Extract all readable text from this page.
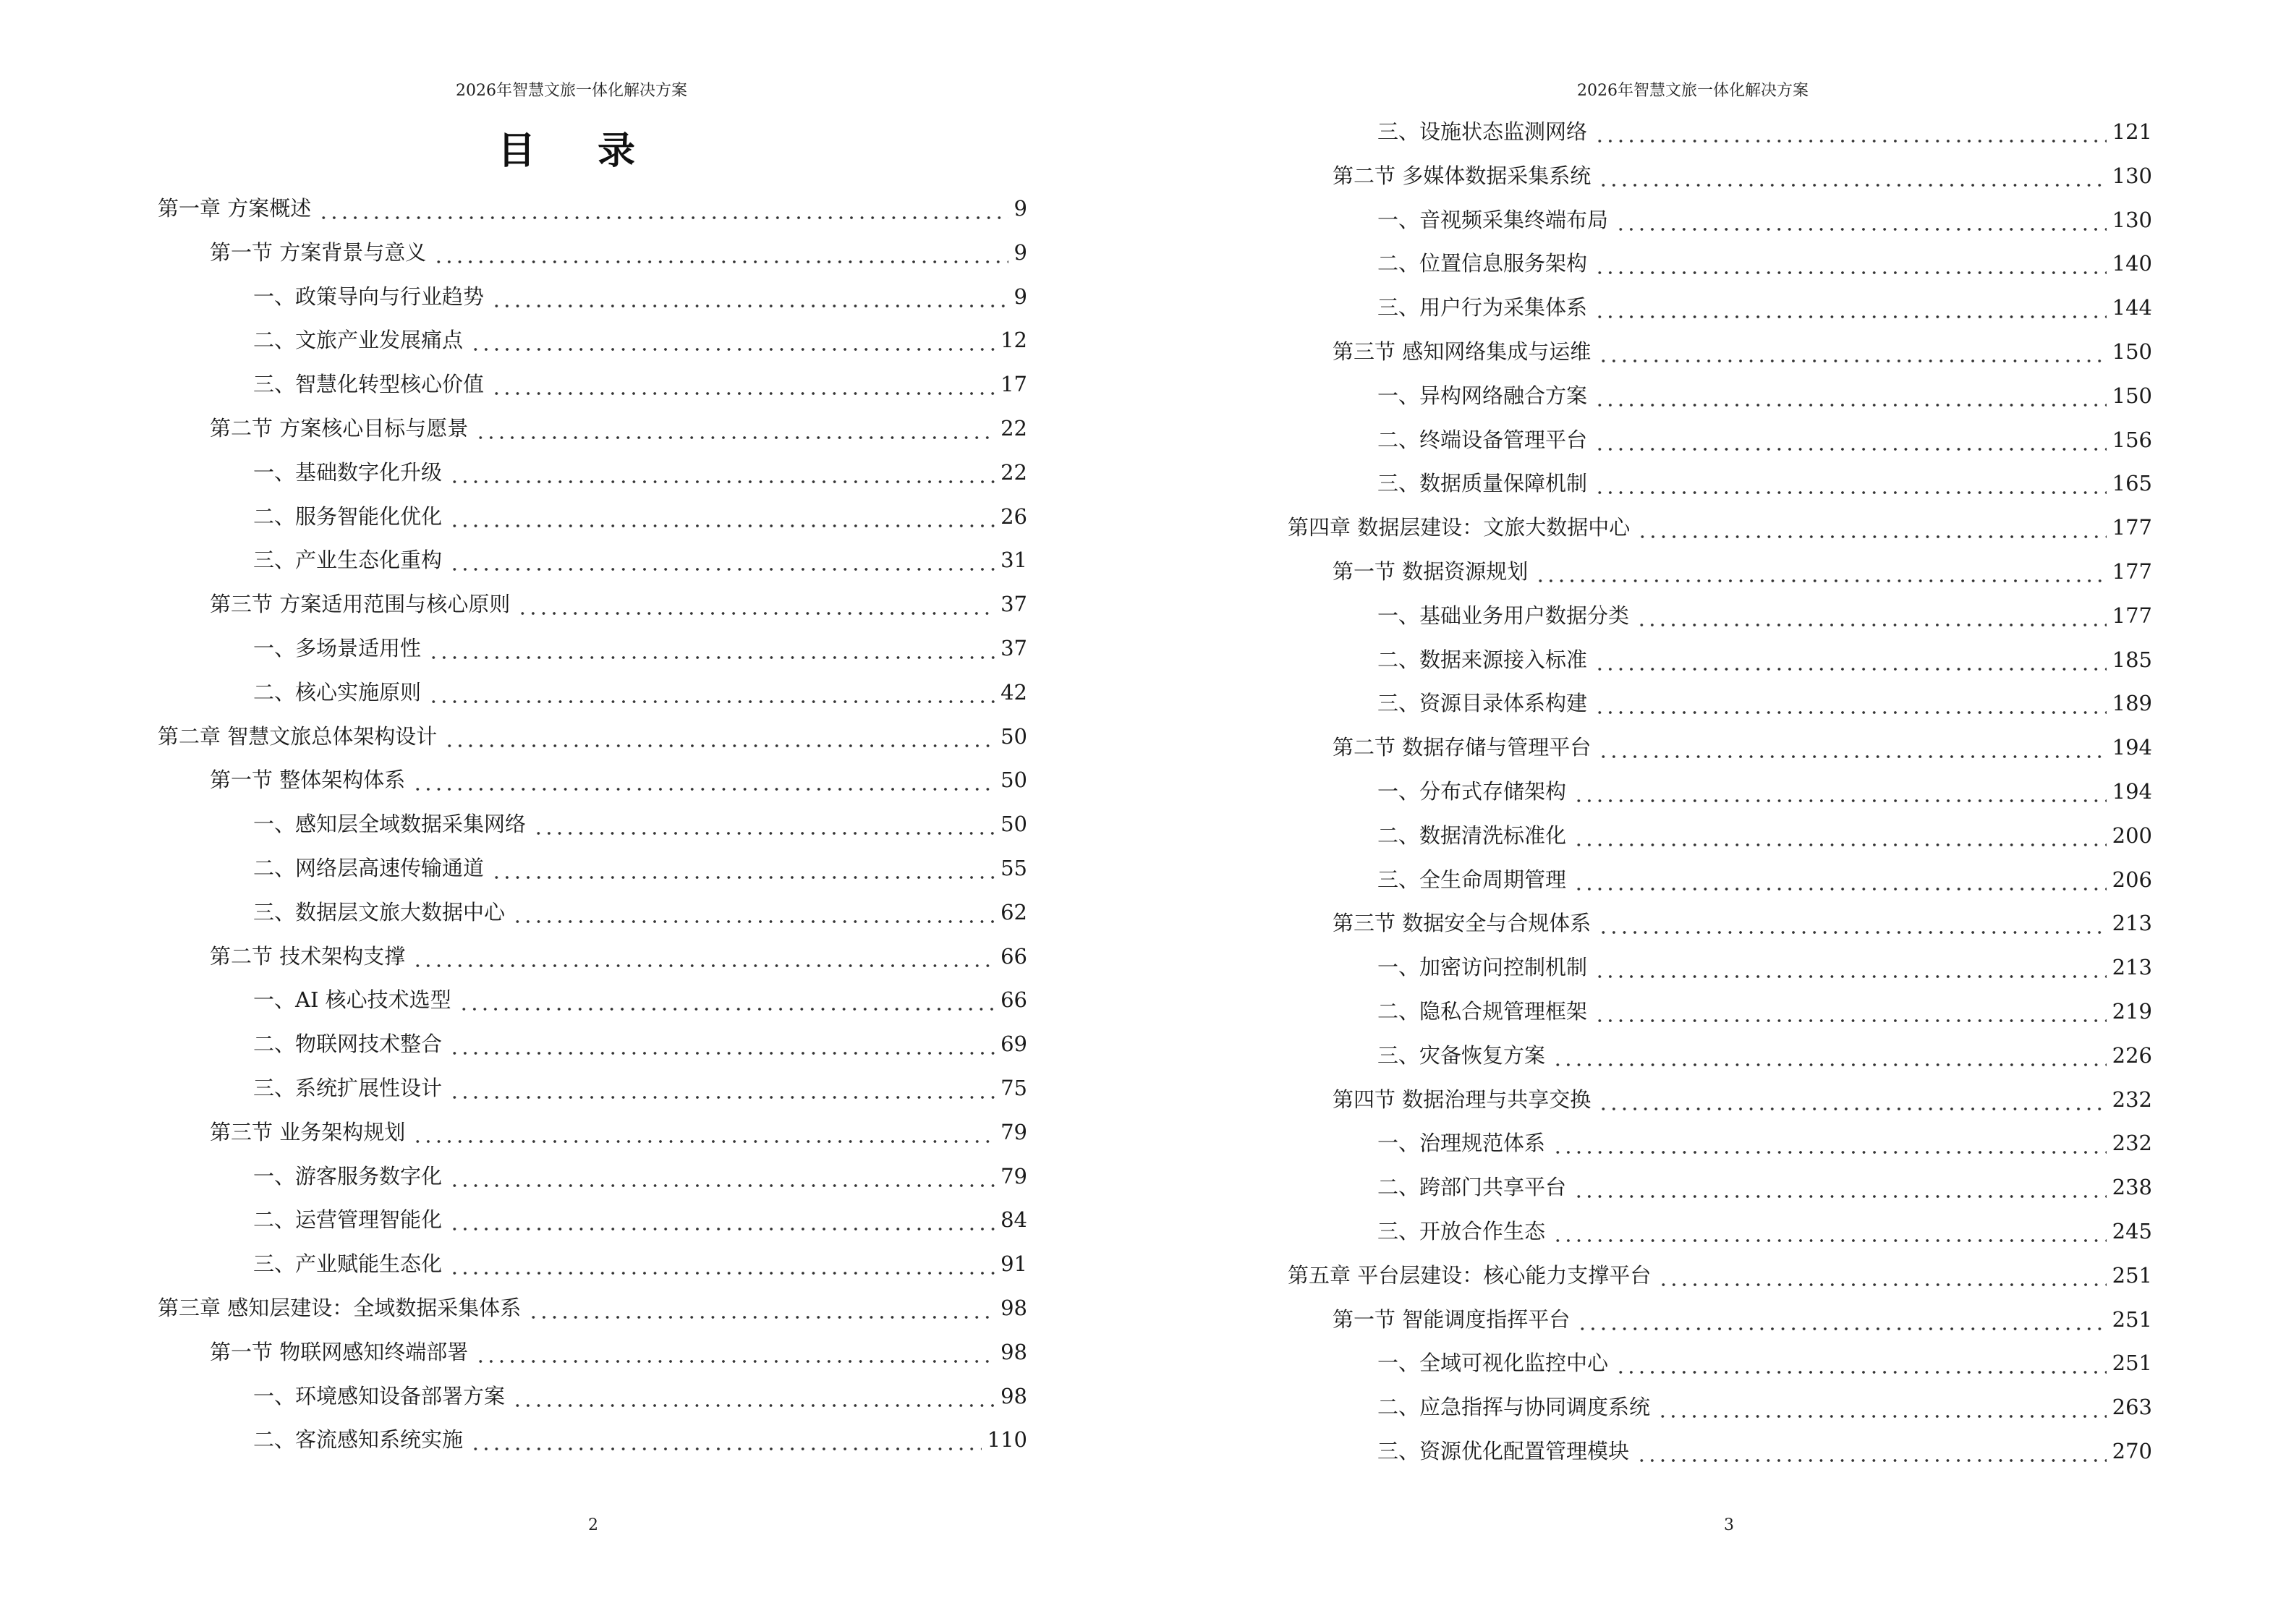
2026年智慧文旅一体化解决方案
目 录
第一章 方案概述	9
第一节 方案背景与意义	9
一、政策导向与行业趋势	9
二、文旅产业发展痛点	12
三、智慧化转型核心价值	17
第二节 方案核心目标与愿景	22
一、基础数字化升级	22
二、服务智能化优化	26
三、产业生态化重构	31
第三节 方案适用范围与核心原则	37
一、多场景适用性	37
二、核心实施原则	42
第二章 智慧文旅总体架构设计	50
第一节 整体架构体系	50
一、感知层全域数据采集网络	50
二、网络层高速传输通道	55
三、数据层文旅大数据中心	62
第二节 技术架构支撑	66
一、AI 核心技术选型	66
二、物联网技术整合	69
三、系统扩展性设计	75
第三节 业务架构规划	79
一、游客服务数字化	79
二、运营管理智能化	84
三、产业赋能生态化	91
第三章 感知层建设：全域数据采集体系	98
第一节 物联网感知终端部署	98
一、环境感知设备部署方案	98
二、客流感知系统实施	110
2
2026年智慧文旅一体化解决方案
三、设施状态监测网络	121
第二节 多媒体数据采集系统	130
一、音视频采集终端布局	130
二、位置信息服务架构	140
三、用户行为采集体系	144
第三节 感知网络集成与运维	150
一、异构网络融合方案	150
二、终端设备管理平台	156
三、数据质量保障机制	165
第四章 数据层建设：文旅大数据中心	177
第一节 数据资源规划	177
一、基础业务用户数据分类	177
二、数据来源接入标准	185
三、资源目录体系构建	189
第二节 数据存储与管理平台	194
一、分布式存储架构	194
二、数据清洗标准化	200
三、全生命周期管理	206
第三节 数据安全与合规体系	213
一、加密访问控制机制	213
二、隐私合规管理框架	219
三、灾备恢复方案	226
第四节 数据治理与共享交换	232
一、治理规范体系	232
二、跨部门共享平台	238
三、开放合作生态	245
第五章 平台层建设：核心能力支撑平台	251
第一节 智能调度指挥平台	251
一、全域可视化监控中心	251
二、应急指挥与协同调度系统	263
三、资源优化配置管理模块	270
3
